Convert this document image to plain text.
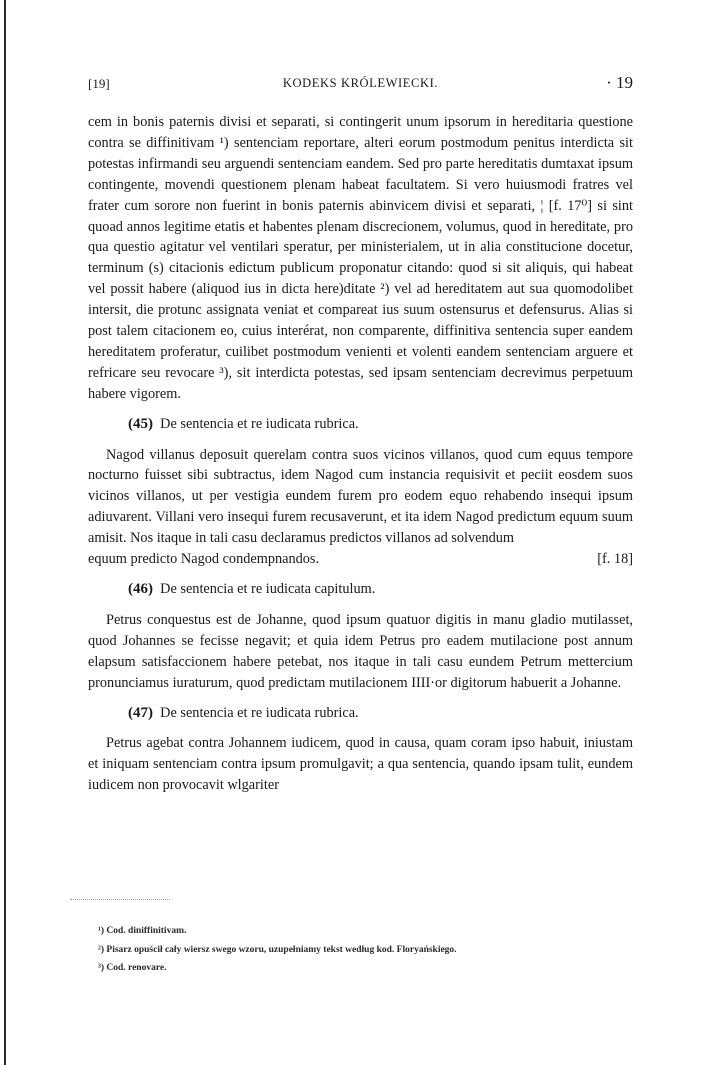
[19]	KODEKS KRÓLEWIECKI.	· 19

cem in bonis paternis divisi et separati, si contingerit unum ipsorum in hereditaria questione contra se diffinitivam ¹) sentenciam reportare, alteri eorum postmodum penitus interdicta sit potestas infirmandi seu arguendi sentenciam eandem. Sed pro parte hereditatis dumtaxat ipsum contingente, movendi questionem plenam habeat facultatem. Si vero huiusmodi fratres vel frater cum sorore non fuerint in bonis paternis abinvicem divisi et separati, ¦ [f. 17⁰] si sint quoad annos legitime etatis et habentes plenam discrecionem, volumus, quod in hereditate, pro qua questio agitatur vel ventilari speratur, per ministerialem, ut in alia constitucione docetur, terminum (s) citacionis edictum publicum proponatur citando: quod si sit aliquis, qui habeat vel possit habere (aliquod ius in dicta here)ditate ²) vel ad hereditatem aut sua quomodolibet intersit, die protunc assignata veniat et compareat ius suum ostensurus et defensurus. Alias si post talem citacionem eo, cuius interérat, non comparente, diffinitiva sentencia super eandem hereditatem proferatur, cuilibet postmodum venienti et volenti eandem sentenciam arguere et refricare seu revocare ³), sit interdicta potestas, sed ipsam sentenciam decrevimus perpetuum habere vigorem.

(45) De sentencia et re iudicata rubrica.

Nagod villanus deposuit querelam contra suos vicinos villanos, quod cum equus tempore nocturno fuisset sibi subtractus, idem Nagod cum instancia requisivit et peciit eosdem suos vicinos villanos, ut per vestigia eundem furem pro eodem equo rehabendo insequi ipsum adiuvarent. Villani vero insequi furem recusaverunt, et ita idem Nagod predictum equum suum amisit. Nos itaque in tali casu declaramus predictos villanos ad solvendum

equum predicto Nagod condempnandos.	[f. 18]
(46) De sentencia et re iudicata capitulum.

Petrus conquestus est de Johanne, quod ipsum quatuor digitis in manu gladio mutilasset, quod Johannes se fecisse negavit; et quia idem Petrus pro eadem mutilacione post annum elapsum satisfaccionem habere petebat, nos itaque in tali casu eundem Petrum mettercium pronunciamus iuraturum, quod predictam mutilacionem IIII·or digitorum habuerit a Johanne.

(47) De sentencia et re iudicata rubrica.

Petrus agebat contra Johannem iudicem, quod in causa, quam coram ipso habuit, iniustam et iniquam sentenciam contra ipsum promulgavit; a qua sentencia, quando ipsam tulit, eundem iudicem non provocavit wlgariter

¹) Cod. diniffinitivam.
²) Pisarz opuścił cały wiersz swego wzoru, uzupełniamy tekst według kod. Floryańskiego.
³) Cod. renovare.
